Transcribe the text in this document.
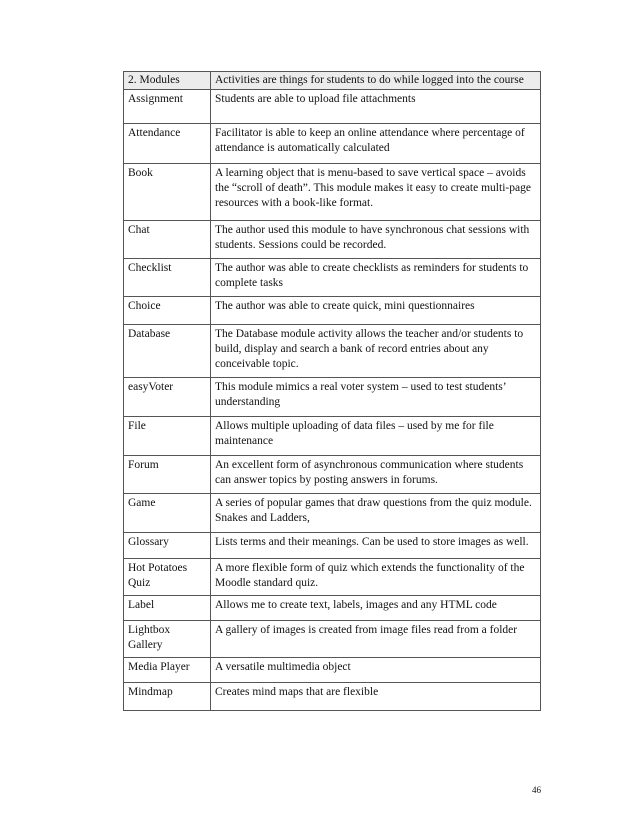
2. Modules	Activities are things for students to do while logged into the course
Assignment	Students are able to upload file attachments
Attendance	Facilitator is able to keep an online attendance where percentage of attendance is automatically calculated
Book	A learning object that is menu-based to save vertical space – avoids the “scroll of death”. This module makes it easy to create multi-page resources with a book-like format.
Chat	The author used this module to have synchronous chat sessions with students. Sessions could be recorded.
Checklist	The author was able to create checklists as reminders for students to complete tasks
Choice	The author was able to create quick, mini questionnaires
Database	The Database module activity allows the teacher and/or students to build, display and search a bank of record entries about any conceivable topic.
easyVoter	This module mimics a real voter system – used to test students’ understanding
File	Allows multiple uploading of data files – used by me for file maintenance
Forum	An excellent form of asynchronous communication where students can answer topics by posting answers in forums.
Game	A series of popular games that draw questions from the quiz module. Snakes and Ladders,
Glossary	Lists terms and their meanings. Can be used to store images as well.
Hot Potatoes Quiz	A more flexible form of quiz which extends the functionality of the Moodle standard quiz.
Label	Allows me to create text, labels, images and any HTML code
Lightbox Gallery	A gallery of images is created from image files read from a folder
Media Player	A versatile multimedia object
Mindmap	Creates mind maps that are flexible
46
